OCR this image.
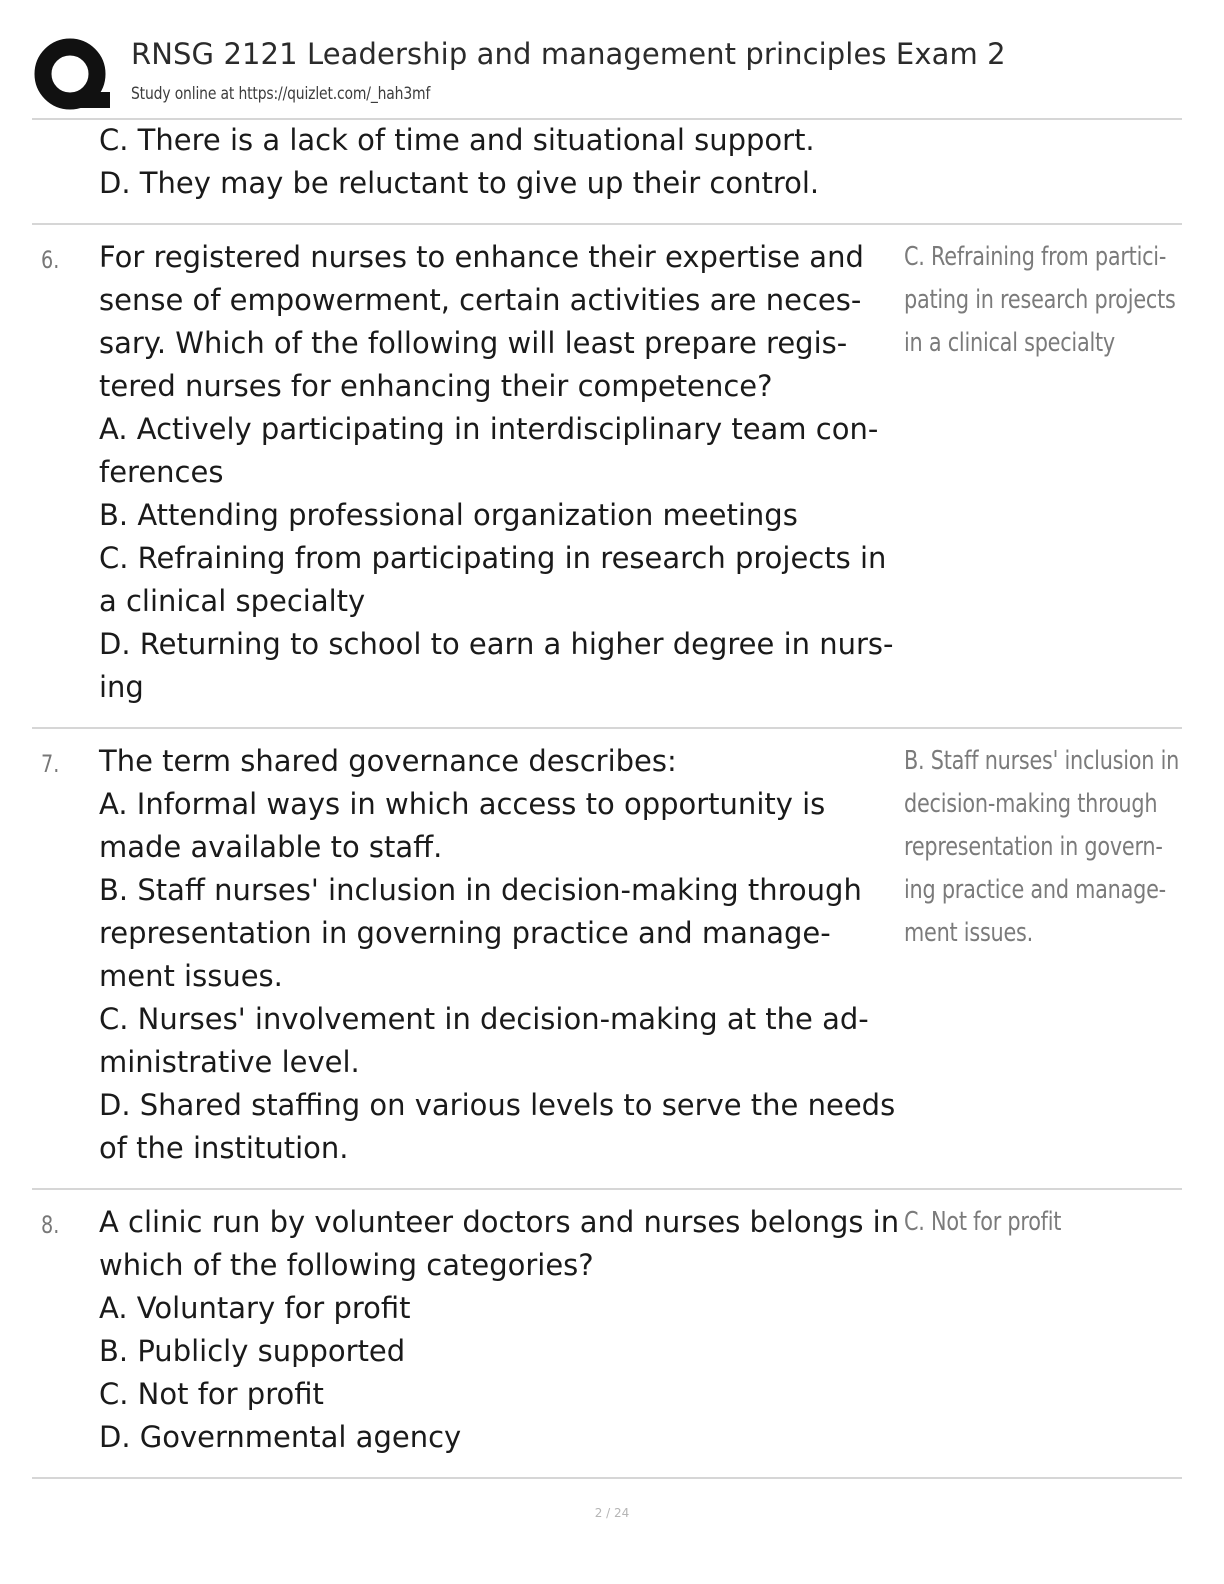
RNSG 2121 Leadership and management principles Exam 2
Study online at https://quizlet.com/_hah3mf
C. There is a lack of time and situational support.
D. They may be reluctant to give up their control.
6. For registered nurses to enhance their expertise and
sense of empowerment, certain activities are neces-
sary. Which of the following will least prepare regis-
tered nurses for enhancing their competence?
A. Actively participating in interdisciplinary team con-
ferences
B. Attending professional organization meetings
C. Refraining from participating in research projects in
a clinical specialty
D. Returning to school to earn a higher degree in nurs-
ing
C. Refraining from partici-
pating in research projects
in a clinical specialty
7. The term shared governance describes:
A. Informal ways in which access to opportunity is
made available to staff.
B. Staff nurses' inclusion in decision-making through
representation in governing practice and manage-
ment issues.
C. Nurses' involvement in decision-making at the ad-
ministrative level.
D. Shared staffing on various levels to serve the needs
of the institution.
B. Staff nurses' inclusion in
decision-making through
representation in govern-
ing practice and manage-
ment issues.
8. A clinic run by volunteer doctors and nurses belongs in
which of the following categories?
A. Voluntary for profit
B. Publicly supported
C. Not for profit
D. Governmental agency
C. Not for profit
2 / 24
